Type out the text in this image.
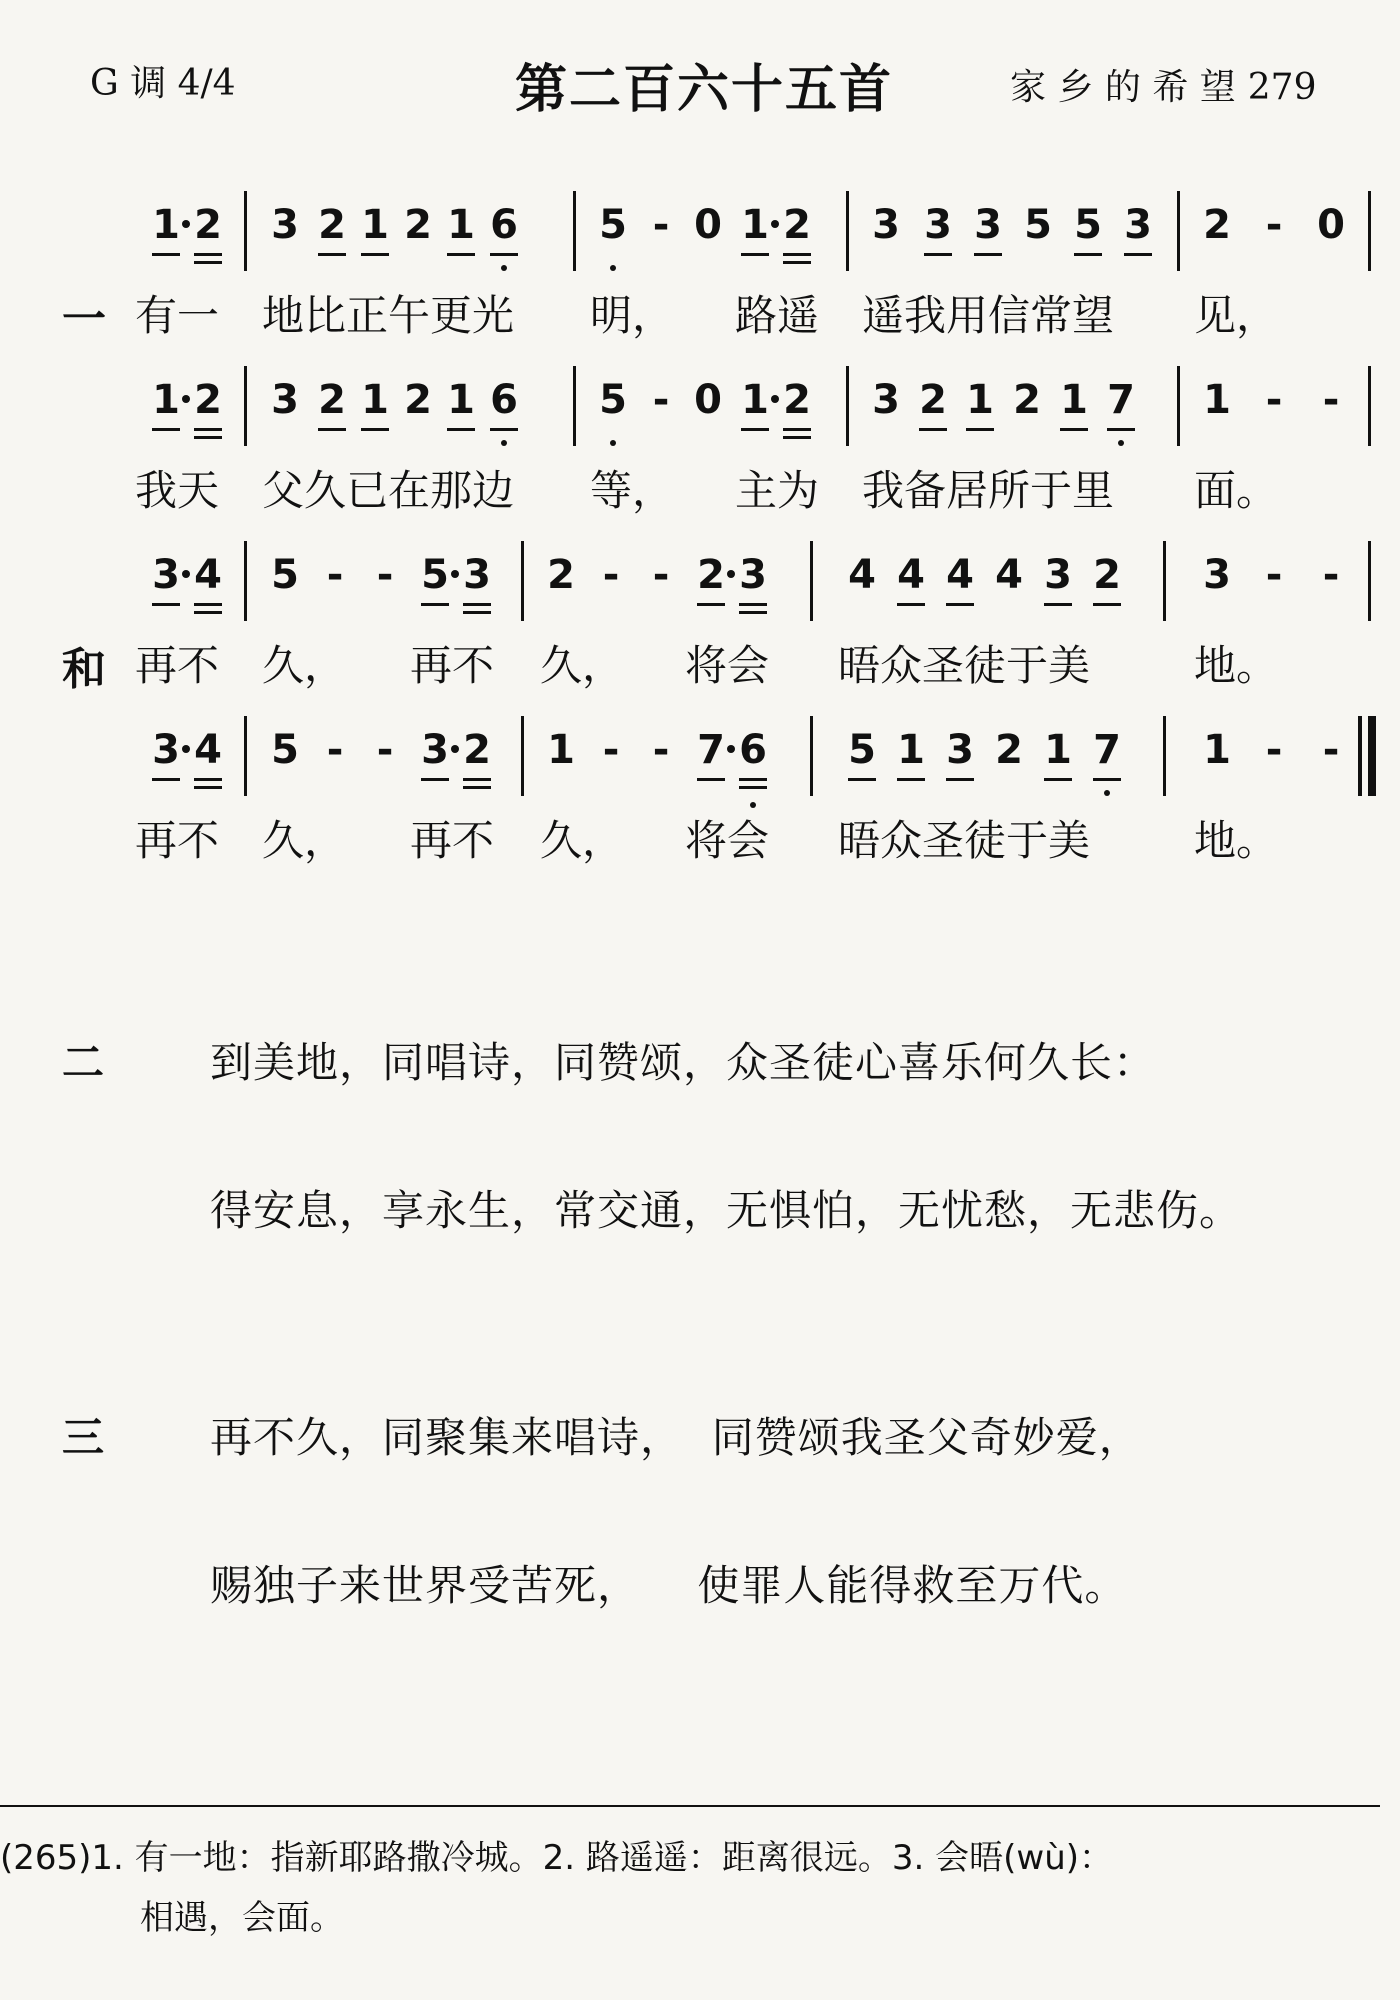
G 调 4/4	第二百六十五首	家 乡 的 希 望 279
1 2 3 2 1 2 1 6 5 - 0 1 2 3 3 3 5 5 3 2 - 0
一 有一 地比正午更光 明， 路遥 遥我用信常望 见，
1 2 3 2 1 2 1 6 5 - 0 1 2 3 2 1 2 1 7 1 - -
我天 父久已在那边 等， 主为 我备居所于里 面。
3 4 5 - - 5 3 2 - - 2 3 4 4 4 4 3 2 3 - -
和 再不 久， 再不 久， 将会 晤众圣徒于美 地。
3 4 5 - - 3 2 1 - - 7 6 5 1 3 2 1 7 1 - -
再不 久， 再不 久， 将会 晤众圣徒于美 地。
二	到美地，同唱诗，同赞颂，众圣徒心喜乐何久长：
得安息，享永生，常交通，无惧怕，无忧愁，无悲伤。
三	再不久，同聚集来唱诗，  同赞颂我圣父奇妙爱，
赐独子来世界受苦死，    使罪人能得救至万代。
(265)1. 有一地：指新耶路撒冷城。2. 路遥遥：距离很远。3. 会晤(wù)：
相遇，会面。
